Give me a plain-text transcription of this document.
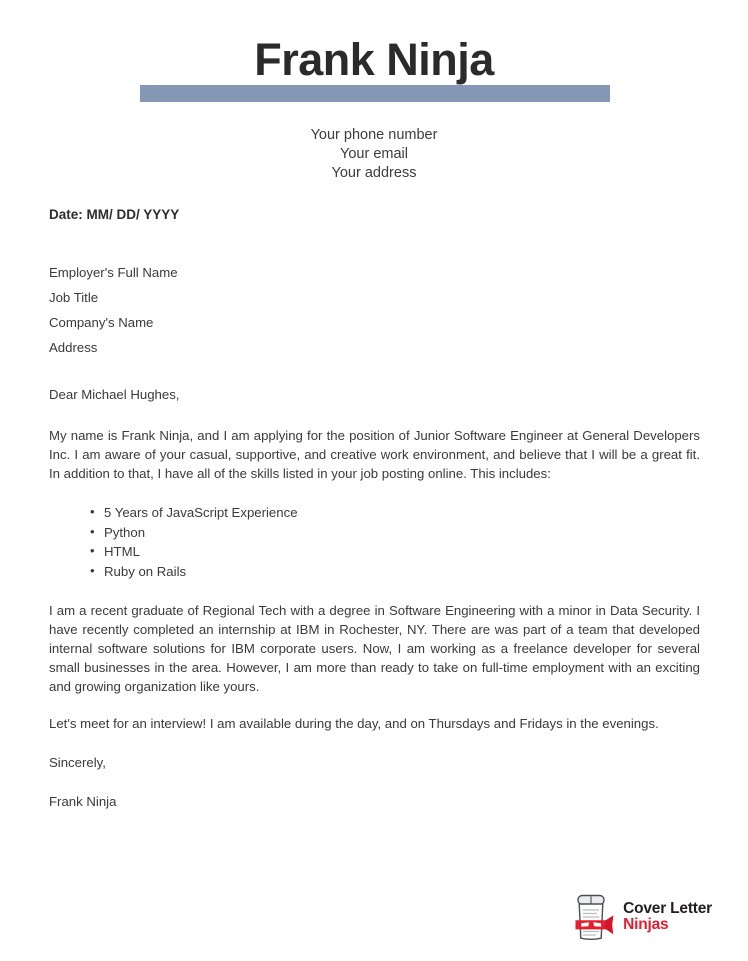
Frank Ninja
Your phone number
Your email
Your address
Date: MM/ DD/ YYYY
Employer's Full Name
Job Title
Company's Name
Address
Dear Michael Hughes,

My name is Frank Ninja, and I am applying for the position of Junior Software Engineer at General Developers Inc. I am aware of your casual, supportive, and creative work environment, and believe that I will be a great fit. In addition to that, I have all of the skills listed in your job posting online. This includes:

• 5 Years of JavaScript Experience
• Python
• HTML
• Ruby on Rails

I am a recent graduate of Regional Tech with a degree in Software Engineering with a minor in Data Security. I have recently completed an internship at IBM in Rochester, NY. There are was part of a team that developed internal software solutions for IBM corporate users. Now, I am working as a freelance developer for several small businesses in the area. However, I am more than ready to take on full-time employment with an exciting and growing organization like yours.

Let's meet for an interview! I am available during the day, and on Thursdays and Fridays in the evenings.

Sincerely,

Frank Ninja

Cover Letter
Ninjas
